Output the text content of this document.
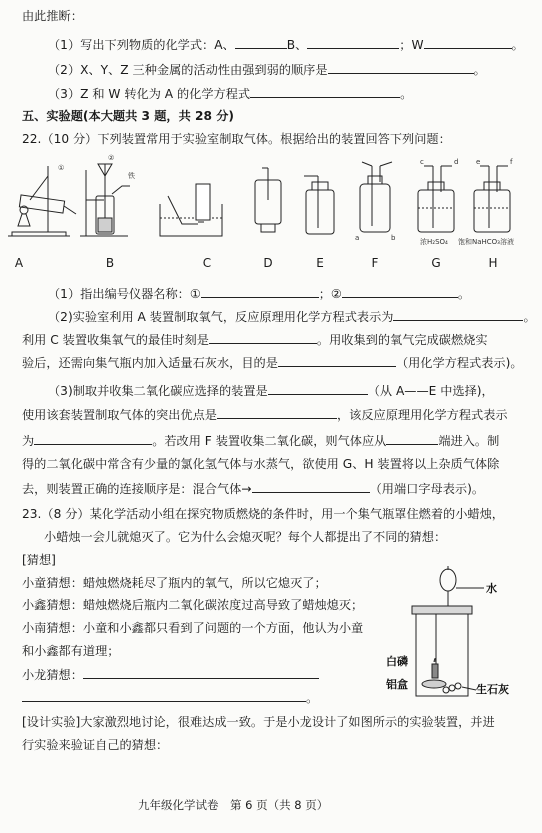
由此推断：
（1）写出下列物质的化学式：A、	B、	；W	。
（2）X、Y、Z 三种金属的活动性由强到弱的顺序是	。
（3）Z 和 W 转化为 A 的化学方程式	。
五、实验题(本大题共 3 题，共 28 分)
22.（10 分）下列装置常用于实验室制取气体。根据给出的装置回答下列问题：
①
②
铁
a	b
c	d	e	f
浓H₂SO₄ 饱和NaHCO₃溶液
水
白磷
铝盒	生石灰
A	B	C	D	E	F	G	H
（1）指出编号仪器名称：①	；②	。
（2)实验室利用 A 装置制取氧气，反应原理用化学方程式表示为	。
利用 C 装置收集氧气的最佳时刻是	。用收集到的氧气完成碳燃烧实
验后，还需向集气瓶内加入适量石灰水，目的是	（用化学方程式表示)。
（3)制取并收集二氧化碳应选择的装置是	（从 A——E 中选择)，
使用该套装置制取气体的突出优点是	，该反应原理用化学方程式表示
为	。若改用 F 装置收集二氧化碳，则气体应从	端进入。制
得的二氧化碳中常含有少量的氯化氢气体与水蒸气，欲使用 G、H 装置将以上杂质气体除
去，则装置正确的连接顺序是：混合气体→	（用端口字母表示)。
23.（8 分）某化学活动小组在探究物质燃烧的条件时，用一个集气瓶罩住燃着的小蜡烛，
小蜡烛一会儿就熄灭了。它为什么会熄灭呢？每个人都提出了不同的猜想：
[猜想]
小童猜想：蜡烛燃烧耗尽了瓶内的氧气，所以它熄灭了；
小鑫猜想：蜡烛燃烧后瓶内二氧化碳浓度过高导致了蜡烛熄灭；
小南猜想：小童和小鑫都只看到了问题的一个方面，他认为小童
和小鑫都有道理；
小龙猜想：
。
[设计实验]大家激烈地讨论，很难达成一致。于是小龙设计了如图所示的实验装置，并进
行实验来验证自己的猜想：
九年级化学试卷　第 6 页（共 8 页）
